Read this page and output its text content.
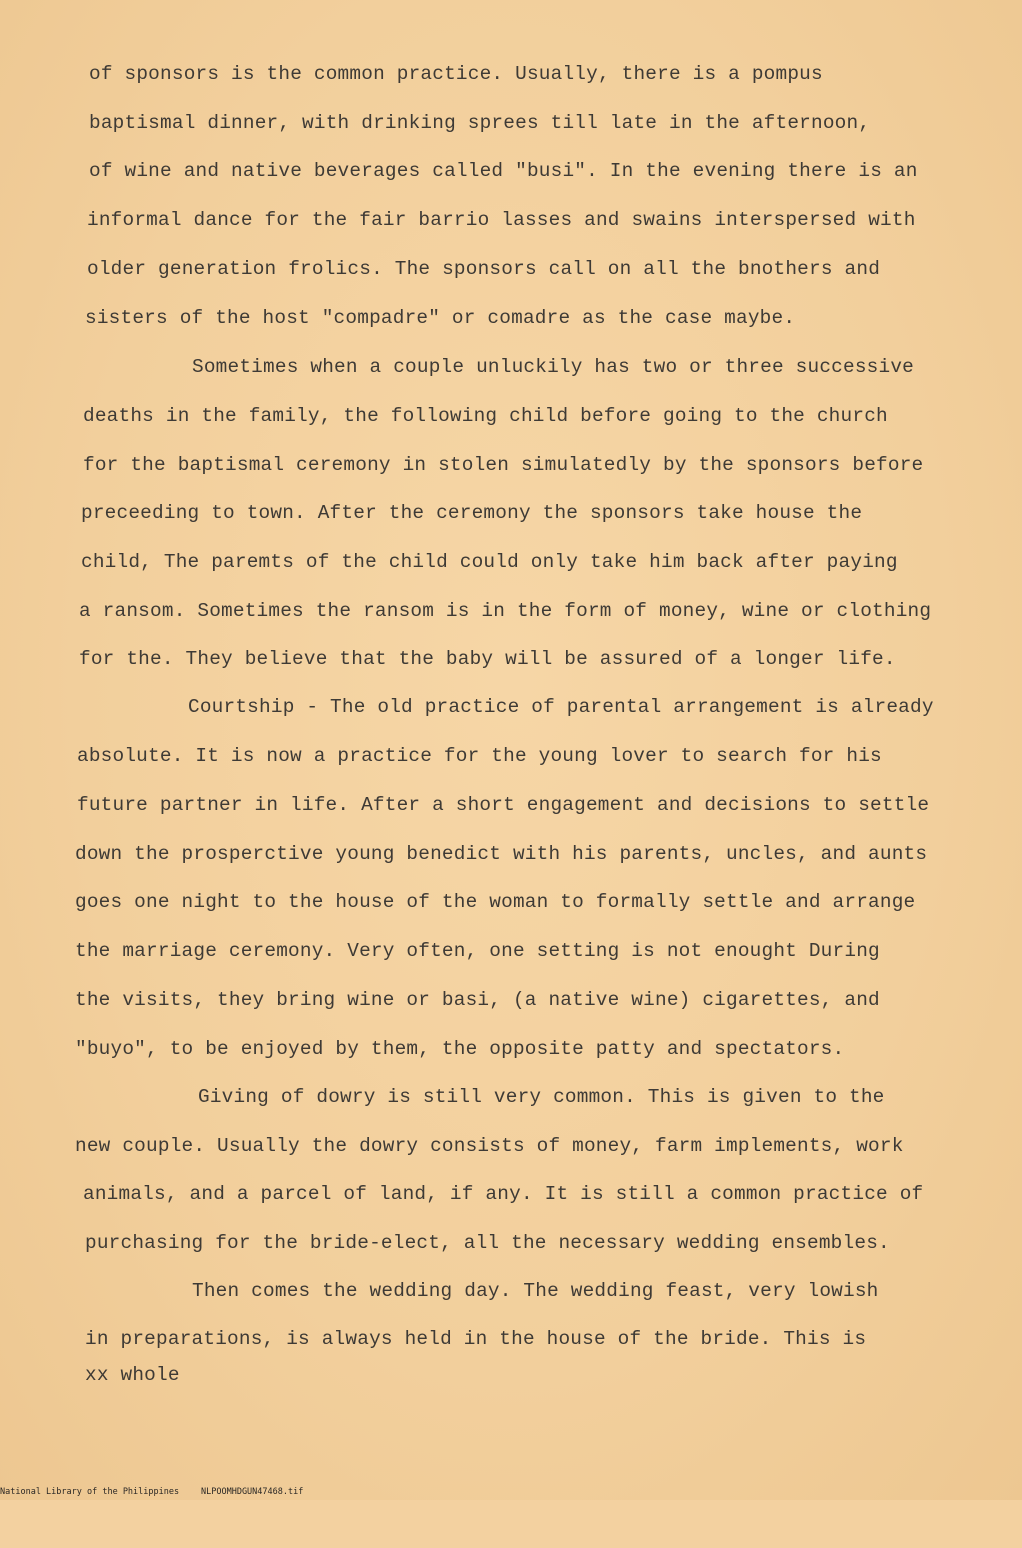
of sponsors is the common practice. Usually, there is a pompus
baptismal dinner, with drinking sprees till late in the afternoon,
of wine and native beverages called "busi". In the evening there is an
informal dance for the fair barrio lasses and swains interspersed with
older generation frolics. The sponsors call on all the bnothers and
sisters of the host "compadre" or comadre as the case maybe.
Sometimes when a couple unluckily has two or three successive
deaths in the family, the following child before going to the church
for the baptismal ceremony in stolen simulatedly by the sponsors before
preceeding to town. After the ceremony the sponsors take house the
child, The paremts of the child could only take him back after paying
a ransom. Sometimes the ransom is in the form of money, wine or clothing
for the. They believe that the baby will be assured of a longer life.
Courtship - The old practice of parental arrangement is already
absolute. It is now a practice for the young lover to search for his
future partner in life. After a short engagement and decisions to settle
down the prosperctive young benedict with his parents, uncles, and aunts
goes one night to the house of the woman to formally settle and arrange
the marriage ceremony. Very often, one setting is not enought During
the visits, they bring wine or basi, (a native wine) cigarettes, and
"buyo", to be enjoyed by them, the opposite patty and spectators.
Giving of dowry is still very common. This is given to the
new couple. Usually the dowry consists of money, farm implements, work
animals, and a parcel of land, if any. It is still a common practice of
purchasing for the bride-elect, all the necessary wedding ensembles.
Then comes the wedding day. The wedding feast, very lowish
in preparations, is always held in the house of the bride. This is
xx whole

National Library of the Philippines

	NLPOOMHDGUN47468.tif
